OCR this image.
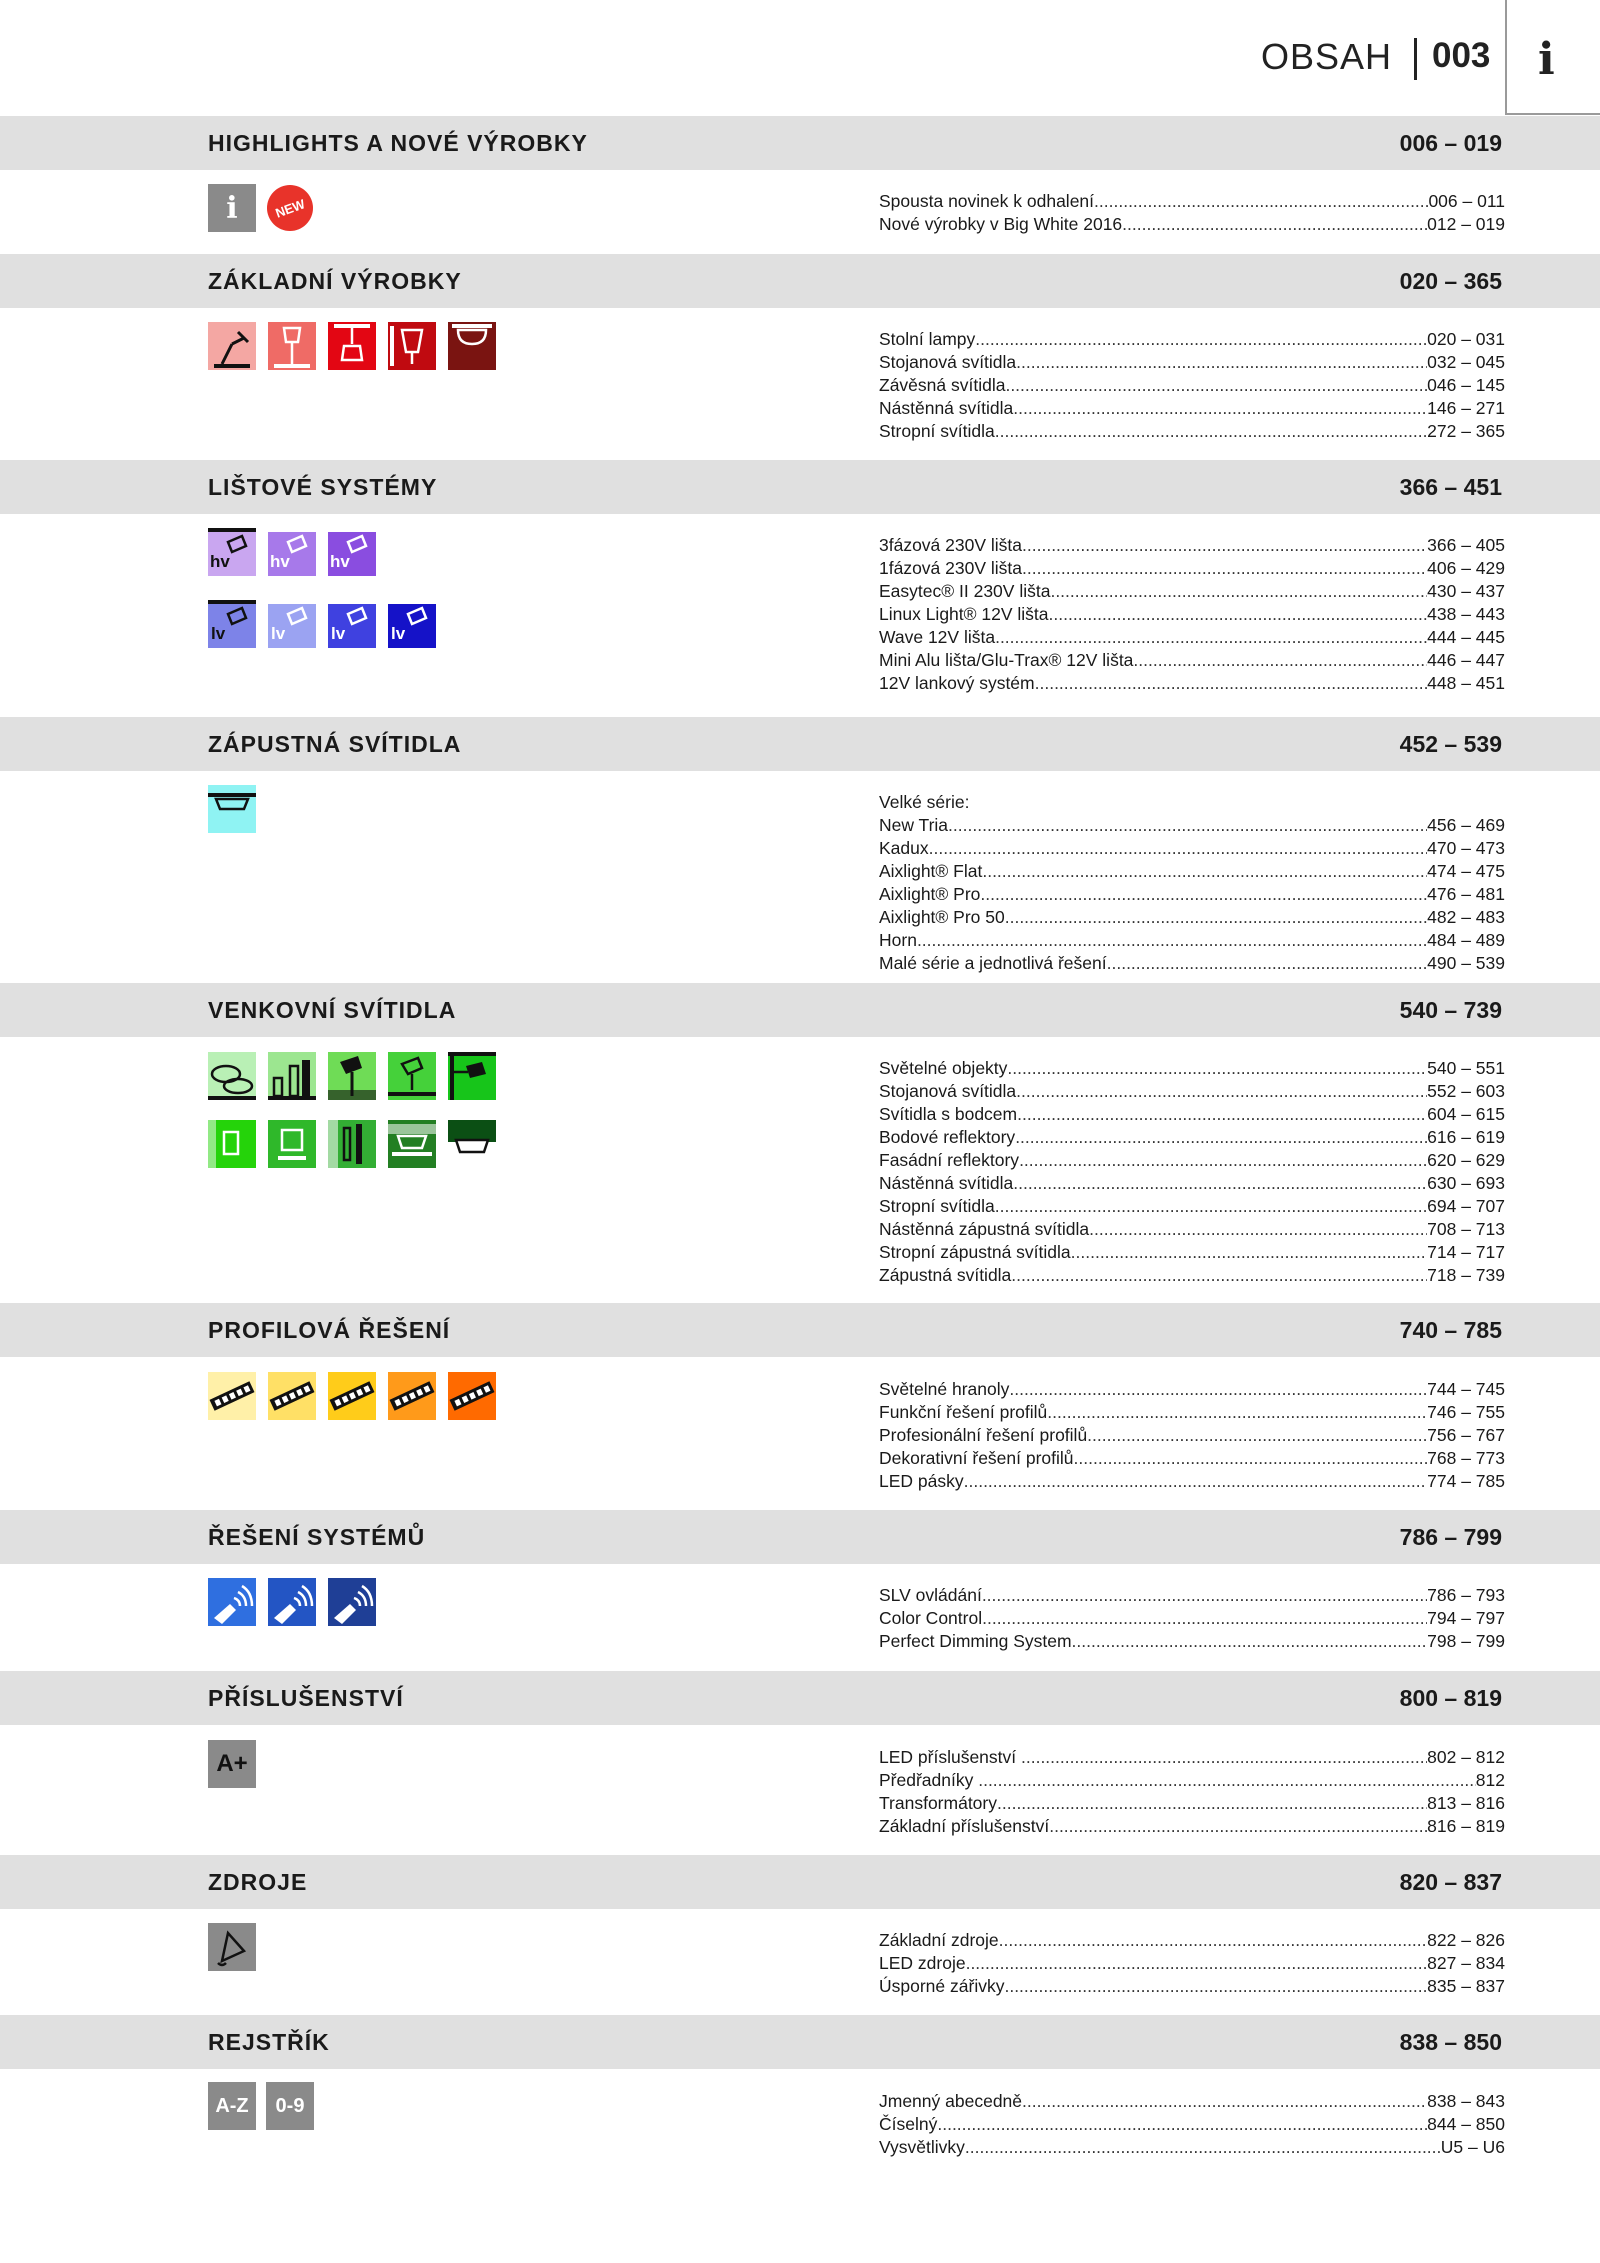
OBSAH 003 i
HIGHLIGHTS A NOVÉ VÝROBKY	006 – 019
i	NEW	Spousta novinek k odhalení .....	006 – 011
Nové výrobky v Big White 2016 .....	012 – 019
ZÁKLADNÍ VÝROBKY	020 – 365
Stolní lampy .....	020 – 031
Stojanová svítidla .....	032 – 045
Závěsná svítidla .....	046 – 145
Nástěnná svítidla .....	146 – 271
Stropní svítidla .....	272 – 365
LIŠTOVÉ SYSTÉMY	366 – 451
hv hv hv
lv	lv	lv	lv
3fázová 230V lišta .....	366 – 405
1fázová 230V lišta .....	406 – 429
Easytec® II 230V lišta .....	430 – 437
Linux Light® 12V lišta .....	438 – 443
Wave 12V lišta .....	444 – 445
Mini Alu lišta/Glu-Trax® 12V lišta .....	446 – 447
12V lankový systém .....	448 – 451
ZÁPUSTNÁ SVÍTIDLA	452 – 539
Velké série:
New Tria .....	456 – 469
Kadux .....	470 – 473
Aixlight® Flat .....	474 – 475
Aixlight® Pro .....	476 – 481
Aixlight® Pro 50 .....	482 – 483
Horn .....	484 – 489
Malé série a jednotlivá řešení .....	490 – 539
VENKOVNÍ SVÍTIDLA	540 – 739
Světelné objekty .....	540 – 551
Stojanová svítidla .....	552 – 603
Svítidla s bodcem .....	604 – 615
Bodové reflektory .....	616 – 619
Fasádní reflektory .....	620 – 629
Nástěnná svítidla .....	630 – 693
Stropní svítidla .....	694 – 707
Nástěnná zápustná svítidla .....	708 – 713
Stropní zápustná svítidla .....	714 – 717
Zápustná svítidla .....	718 – 739
PROFILOVÁ ŘEŠENÍ	740 – 785
Světelné hranoly .....	744 – 745
Funkční řešení profilů .....	746 – 755
Profesionální řešení profilů .....	756 – 767
Dekorativní řešení profilů .....	768 – 773
LED pásky .....	774 – 785
ŘEŠENÍ SYSTÉMŮ	786 – 799
SLV ovládání .....	786 – 793
Color Control .....	794 – 797
Perfect Dimming System .....	798 – 799
PŘÍSLUŠENSTVÍ	800 – 819
A+	LED příslušenství .....	802 – 812
Předřadníky .....	812
Transformátory .....	813 – 816
Základní příslušenství .....	816 – 819
ZDROJE	820 – 837
Základní zdroje .....	822 – 826
LED zdroje .....	827 – 834
Úsporné zářivky .....	835 – 837
REJSTŘÍK	838 – 850
A-Z	0-9	Jmenný abecedně .....	838 – 843
Číselný .....	844 – 850
Vysvětlivky .....	U5 – U6
